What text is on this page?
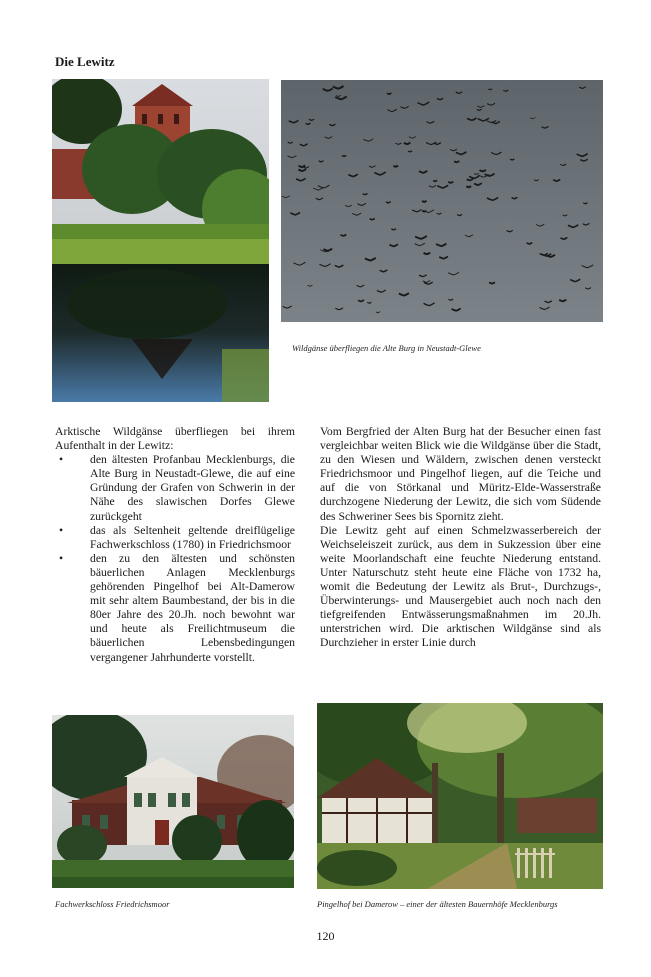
Die Lewitz
Wildgänse überfliegen die Alte Burg in Neustadt-Glewe

Arktische Wildgänse überfliegen bei ihrem Aufenthalt in der Lewitz:

• den ältesten Profanbau Mecklenburgs, die Alte Burg in Neustadt-Glewe, die auf eine Gründung der Grafen von Schwerin in der Nähe des slawischen Dorfes Glewe zurückgeht
• das als Seltenheit geltende dreiflügelige Fachwerkschloss (1780) in Friedrichsmoor
• den zu den ältesten und schönsten bäuerlichen Anlagen Mecklenburgs gehörenden Pingelhof bei Alt-Damerow mit sehr altem Baumbestand, der bis in die 80er Jahre des 20.Jh. noch bewohnt war und heute als Freilichtmuseum die bäuerlichen Lebensbedingungen vergangener Jahrhunderte vorstellt.

Vom Bergfried der Alten Burg hat der Besucher einen fast vergleichbar weiten Blick wie die Wildgänse über die Stadt, zu den Wiesen und Wäldern, zwischen denen versteckt Friedrichsmoor und Pingelhof liegen, auf die Teiche und auf die von Störkanal und Müritz-Elde-Wasserstraße durchzogene Niederung der Lewitz, die sich vom Südende des Schweriner Sees bis Spornitz zieht.

Die Lewitz geht auf einen Schmelzwasserbereich der Weichseleiszeit zurück, aus dem in Sukzession über eine weite Moorlandschaft eine feuchte Niederung entstand. Unter Naturschutz steht heute eine Fläche von 1732 ha, womit die Bedeutung der Lewitz als Brut-, Durchzugs-, Überwinterungs- und Mausergebiet auch noch nach den tiefgreifenden Entwässerungsmaßnahmen im 20.Jh. unterstrichen wird. Die arktischen Wildgänse sind als Durchzieher in erster Linie durch

Fachwerkschloss Friedrichsmoor	Pingelhof bei Damerow – einer der ältesten Bauernhöfe Mecklenburgs
120
